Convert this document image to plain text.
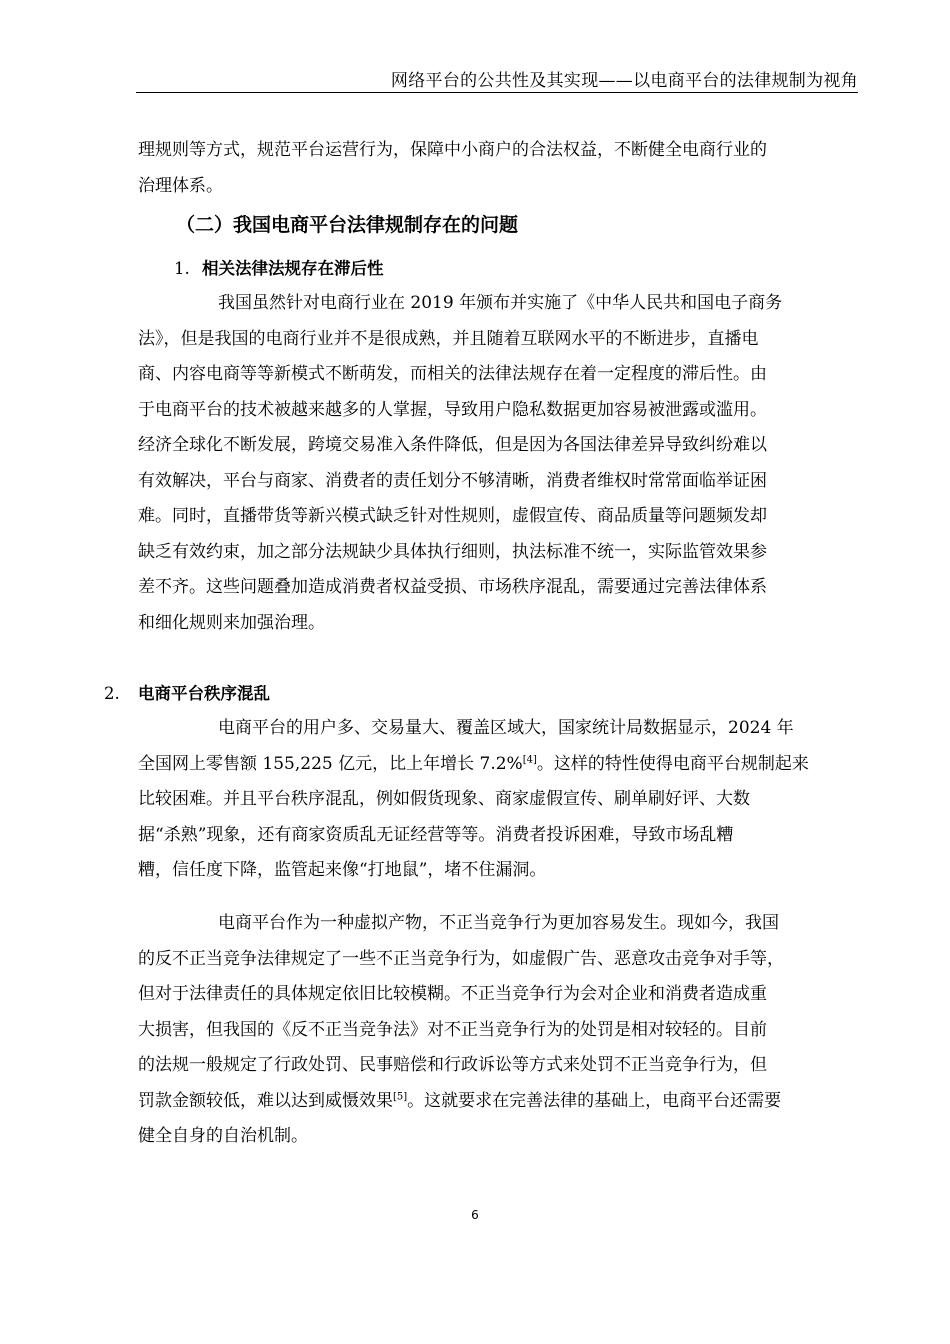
网络平台的公共性及其实现——以电商平台的法律规制为视角
理规则等方式，规范平台运营行为，保障中小商户的合法权益，不断健全电商行业的
治理体系。
（二）我国电商平台法律规制存在的问题
1. 相关法律法规存在滞后性
我国虽然针对电商行业在 2019 年颁布并实施了《中华人民共和国电子商务
法》，但是我国的电商行业并不是很成熟，并且随着互联网水平的不断进步，直播电
商、内容电商等等新模式不断萌发，而相关的法律法规存在着一定程度的滞后性。由
于电商平台的技术被越来越多的人掌握，导致用户隐私数据更加容易被泄露或滥用。
经济全球化不断发展，跨境交易准入条件降低，但是因为各国法律差异导致纠纷难以
有效解决，平台与商家、消费者的责任划分不够清晰，消费者维权时常常面临举证困
难。同时，直播带货等新兴模式缺乏针对性规则，虚假宣传、商品质量等问题频发却
缺乏有效约束，加之部分法规缺少具体执行细则，执法标准不统一，实际监管效果参
差不齐。这些问题叠加造成消费者权益受损、市场秩序混乱，需要通过完善法律体系
和细化规则来加强治理。
2. 电商平台秩序混乱
电商平台的用户多、交易量大、覆盖区域大，国家统计局数据显示，2024 年
全国网上零售额 155,225 亿元，比上年增长 7.2%[4]。这样的特性使得电商平台规制起来
比较困难。并且平台秩序混乱，例如假货现象、商家虚假宣传、刷单刷好评、大数
据“杀熟”现象，还有商家资质乱无证经营等等。消费者投诉困难，导致市场乱糟
糟，信任度下降，监管起来像“打地鼠”，堵不住漏洞。
电商平台作为一种虚拟产物，不正当竞争行为更加容易发生。现如今，我国
的反不正当竞争法律规定了一些不正当竞争行为，如虚假广告、恶意攻击竞争对手等，
但对于法律责任的具体规定依旧比较模糊。不正当竞争行为会对企业和消费者造成重
大损害，但我国的《反不正当竞争法》对不正当竞争行为的处罚是相对较轻的。目前
的法规一般规定了行政处罚、民事赔偿和行政诉讼等方式来处罚不正当竞争行为，但
罚款金额较低，难以达到威慑效果[5]。这就要求在完善法律的基础上，电商平台还需要
健全自身的自治机制。
6
